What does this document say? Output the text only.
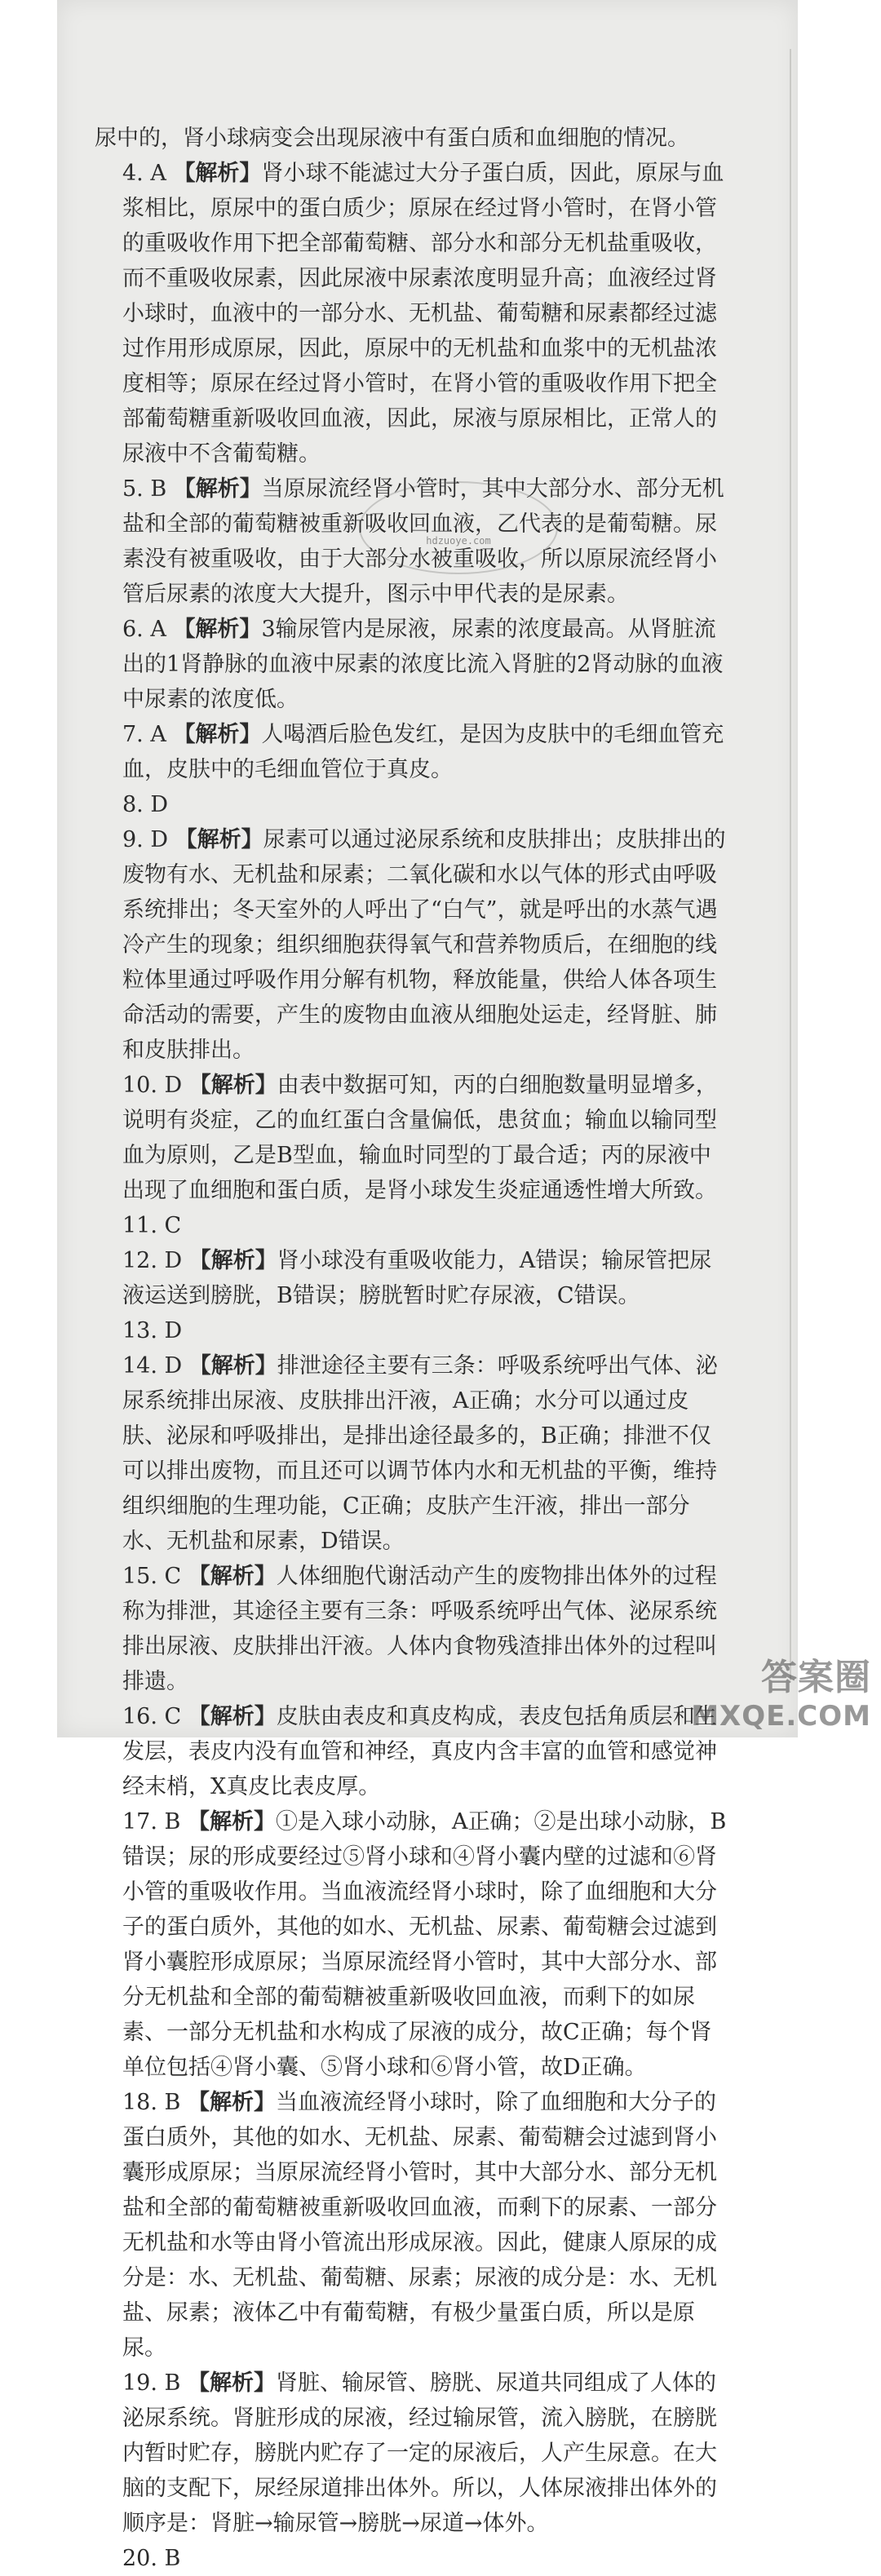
尿中的，肾小球病变会出现尿液中有蛋白质和血细胞的情况。
4. A 【解析】肾小球不能滤过大分子蛋白质，因此，原尿与血浆相比，原尿中的蛋白质少；原尿在经过肾小管时，在肾小管的重吸收作用下把全部葡萄糖、部分水和部分无机盐重吸收，而不重吸收尿素，因此尿液中尿素浓度明显升高；血液经过肾小球时，血液中的一部分水、无机盐、葡萄糖和尿素都经过滤过作用形成原尿，因此，原尿中的无机盐和血浆中的无机盐浓度相等；原尿在经过肾小管时，在肾小管的重吸收作用下把全部葡萄糖重新吸收回血液，因此，尿液与原尿相比，正常人的尿液中不含葡萄糖。
5. B 【解析】当原尿流经肾小管时，其中大部分水、部分无机盐和全部的葡萄糖被重新吸收回血液，乙代表的是葡萄糖。尿素没有被重吸收，由于大部分水被重吸收，所以原尿流经肾小管后尿素的浓度大大提升，图示中甲代表的是尿素。
6. A 【解析】3输尿管内是尿液，尿素的浓度最高。从肾脏流出的1肾静脉的血液中尿素的浓度比流入肾脏的2肾动脉的血液中尿素的浓度低。
7. A 【解析】人喝酒后脸色发红，是因为皮肤中的毛细血管充血，皮肤中的毛细血管位于真皮。
8. D
9. D 【解析】尿素可以通过泌尿系统和皮肤排出；皮肤排出的废物有水、无机盐和尿素；二氧化碳和水以气体的形式由呼吸系统排出；冬天室外的人呼出了“白气”，就是呼出的水蒸气遇冷产生的现象；组织细胞获得氧气和营养物质后，在细胞的线粒体里通过呼吸作用分解有机物，释放能量，供给人体各项生命活动的需要，产生的废物由血液从细胞处运走，经肾脏、肺和皮肤排出。
10. D 【解析】由表中数据可知，丙的白细胞数量明显增多，说明有炎症，乙的血红蛋白含量偏低，患贫血；输血以输同型血为原则，乙是B型血，输血时同型的丁最合适；丙的尿液中出现了血细胞和蛋白质，是肾小球发生炎症通透性增大所致。
11. C
12. D 【解析】肾小球没有重吸收能力，A错误；输尿管把尿液运送到膀胱，B错误；膀胱暂时贮存尿液，C错误。
13. D
14. D 【解析】排泄途径主要有三条：呼吸系统呼出气体、泌尿系统排出尿液、皮肤排出汗液，A正确；水分可以通过皮肤、泌尿和呼吸排出，是排出途径最多的，B正确；排泄不仅可以排出废物，而且还可以调节体内水和无机盐的平衡，维持组织细胞的生理功能，C正确；皮肤产生汗液，排出一部分水、无机盐和尿素，D错误。
15. C 【解析】人体细胞代谢活动产生的废物排出体外的过程称为排泄，其途径主要有三条：呼吸系统呼出气体、泌尿系统排出尿液、皮肤排出汗液。人体内食物残渣排出体外的过程叫排遗。
16. C 【解析】皮肤由表皮和真皮构成，表皮包括角质层和生发层，表皮内没有血管和神经，真皮内含丰富的血管和感觉神经末梢，X真皮比表皮厚。
17. B 【解析】①是入球小动脉，A正确；②是出球小动脉，B错误；尿的形成要经过⑤肾小球和④肾小囊内壁的过滤和⑥肾小管的重吸收作用。当血液流经肾小球时，除了血细胞和大分子的蛋白质外，其他的如水、无机盐、尿素、葡萄糖会过滤到肾小囊腔形成原尿；当原尿流经肾小管时，其中大部分水、部分无机盐和全部的葡萄糖被重新吸收回血液，而剩下的如尿素、一部分无机盐和水构成了尿液的成分，故C正确；每个肾单位包括④肾小囊、⑤肾小球和⑥肾小管，故D正确。
18. B 【解析】当血液流经肾小球时，除了血细胞和大分子的蛋白质外，其他的如水、无机盐、尿素、葡萄糖会过滤到肾小囊形成原尿；当原尿流经肾小管时，其中大部分水、部分无机盐和全部的葡萄糖被重新吸收回血液，而剩下的尿素、一部分无机盐和水等由肾小管流出形成尿液。因此，健康人原尿的成分是：水、无机盐、葡萄糖、尿素；尿液的成分是：水、无机盐、尿素；液体乙中有葡萄糖，有极少量蛋白质，所以是原尿。
19. B 【解析】肾脏、输尿管、膀胱、尿道共同组成了人体的泌尿系统。肾脏形成的尿液，经过输尿管，流入膀胱，在膀胱内暂时贮存，膀胱内贮存了一定的尿液后，人产生尿意。在大脑的支配下，尿经尿道排出体外。所以，人体尿液排出体外的顺序是：肾脏→输尿管→膀胱→尿道→体外。
20. B
hdzuoye.com
答案圈
MXQE.COM
